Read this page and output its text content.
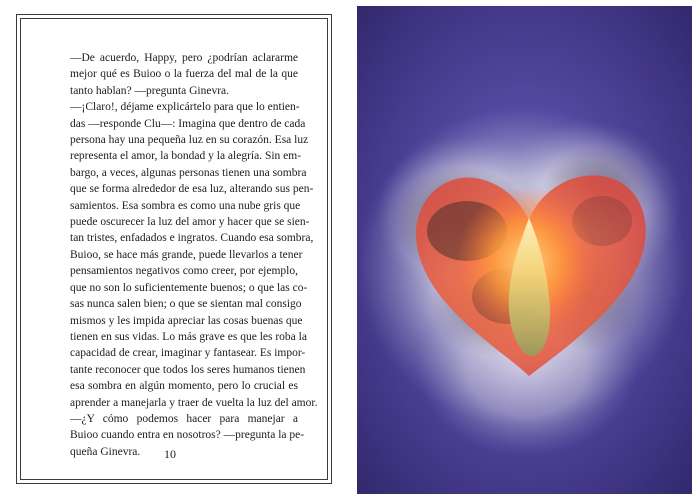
—De acuerdo, Happy, pero ¿podrían aclararme
mejor qué es Buioo o la fuerza del mal de la que
tanto hablan? —pregunta Ginevra.

—¡Claro!, déjame explicártelo para que lo entien-
das —responde Clu—: Imagina que dentro de cada
persona hay una pequeña luz en su corazón. Esa luz
representa el amor, la bondad y la alegría. Sin em-
bargo, a veces, algunas personas tienen una sombra
que se forma alrededor de esa luz, alterando sus pen-
samientos. Esa sombra es como una nube gris que
puede oscurecer la luz del amor y hacer que se sien-
tan tristes, enfadados e ingratos. Cuando esa sombra,
Buioo, se hace más grande, puede llevarlos a tener
pensamientos negativos como creer, por ejemplo,
que no son lo suficientemente buenos; o que las co-
sas nunca salen bien; o que se sientan mal consigo
mismos y les impida apreciar las cosas buenas que
tienen en sus vidas. Lo más grave es que les roba la
capacidad de crear, imaginar y fantasear. Es impor-
tante reconocer que todos los seres humanos tienen
esa sombra en algún momento, pero lo crucial es
aprender a manejarla y traer de vuelta la luz del amor.

—¿Y cómo podemos hacer para manejar a
Buioo cuando entra en nosotros? —pregunta la pe-
queña Ginevra.	10
